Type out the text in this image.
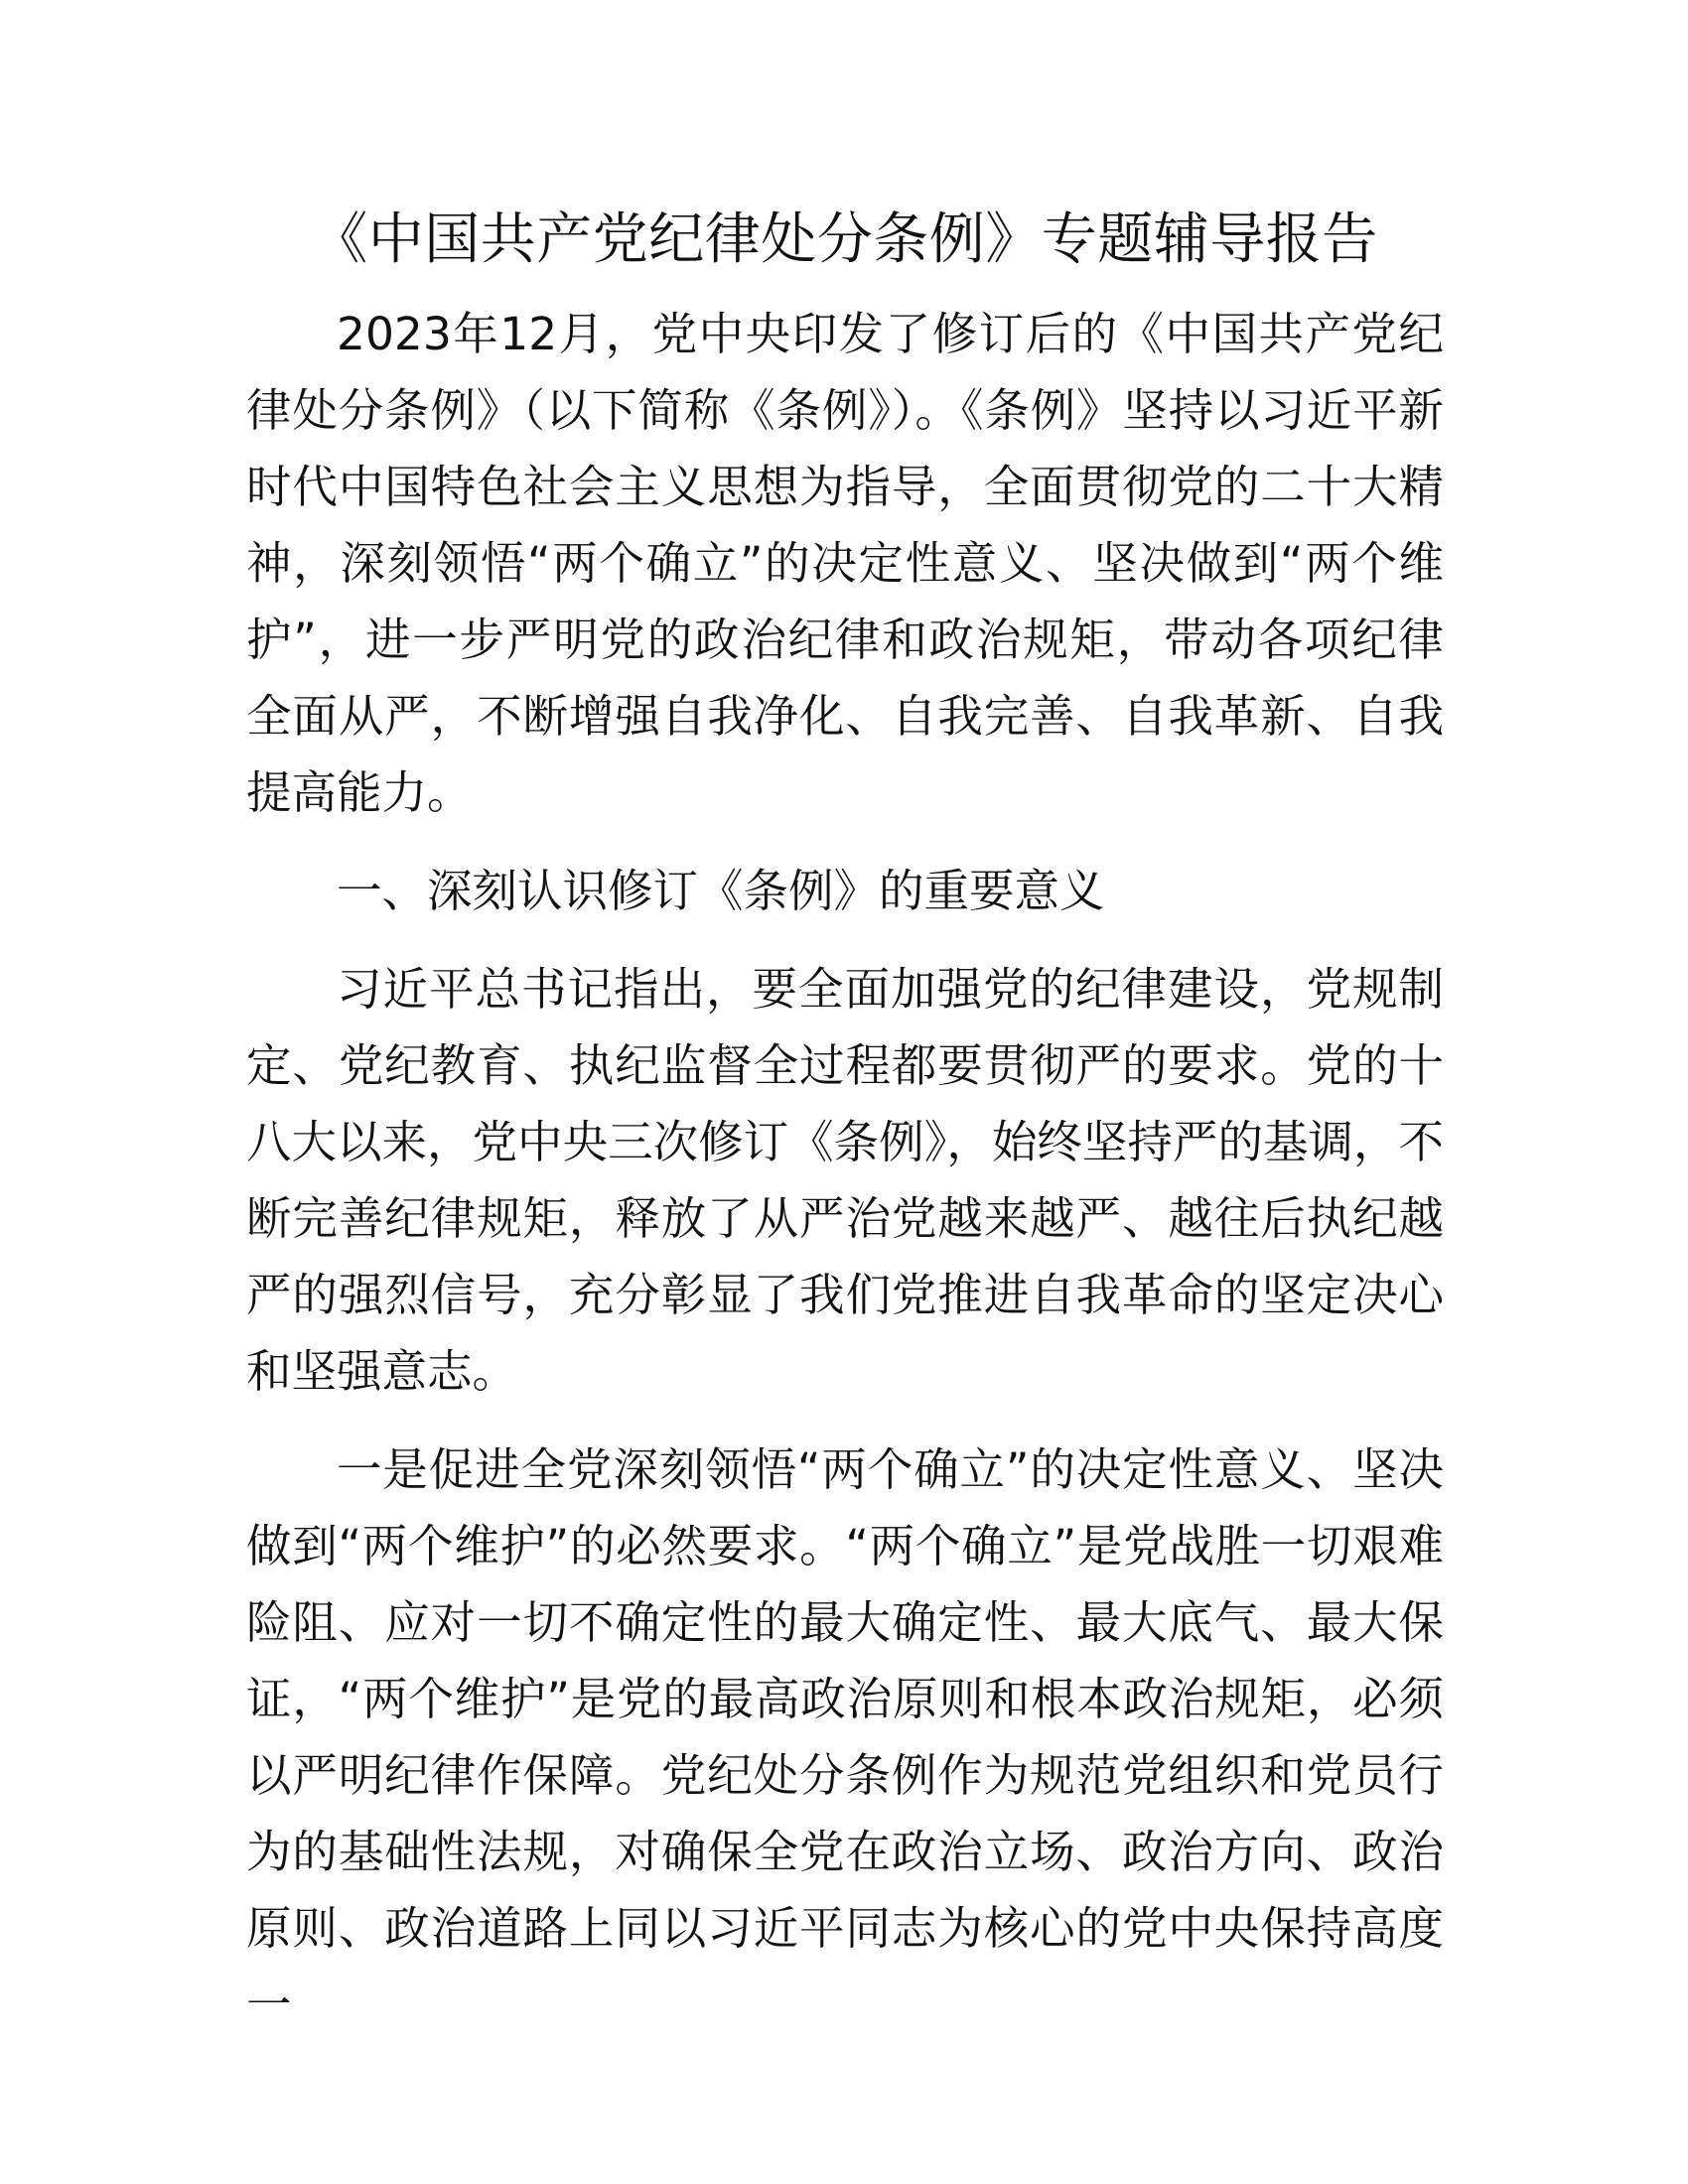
《中国共产党纪律处分条例》专题辅导报告

2023年12月，党中央印发了修订后的《中国共产党纪律处分条例》（以下简称《条例》）。《条例》坚持以习近平新时代中国特色社会主义思想为指导，全面贯彻党的二十大精神，深刻领悟“两个确立”的决定性意义、坚决做到“两个维护”，进一步严明党的政治纪律和政治规矩，带动各项纪律全面从严，不断增强自我净化、自我完善、自我革新、自我提高能力。

一、深刻认识修订《条例》的重要意义

习近平总书记指出，要全面加强党的纪律建设，党规制定、党纪教育、执纪监督全过程都要贯彻严的要求。党的十八大以来，党中央三次修订《条例》，始终坚持严的基调，不断完善纪律规矩，释放了从严治党越来越严、越往后执纪越严的强烈信号，充分彰显了我们党推进自我革命的坚定决心和坚强意志。

一是促进全党深刻领悟“两个确立”的决定性意义、坚决做到“两个维护”的必然要求。“两个确立”是党战胜一切艰难险阻、应对一切不确定性的最大确定性、最大底气、最大保证，“两个维护”是党的最高政治原则和根本政治规矩，必须以严明纪律作保障。党纪处分条例作为规范党组织和党员行为的基础性法规，对确保全党在政治立场、政治方向、政治原则、政治道路上同以习近平同志为核心的党中央保持高度一
